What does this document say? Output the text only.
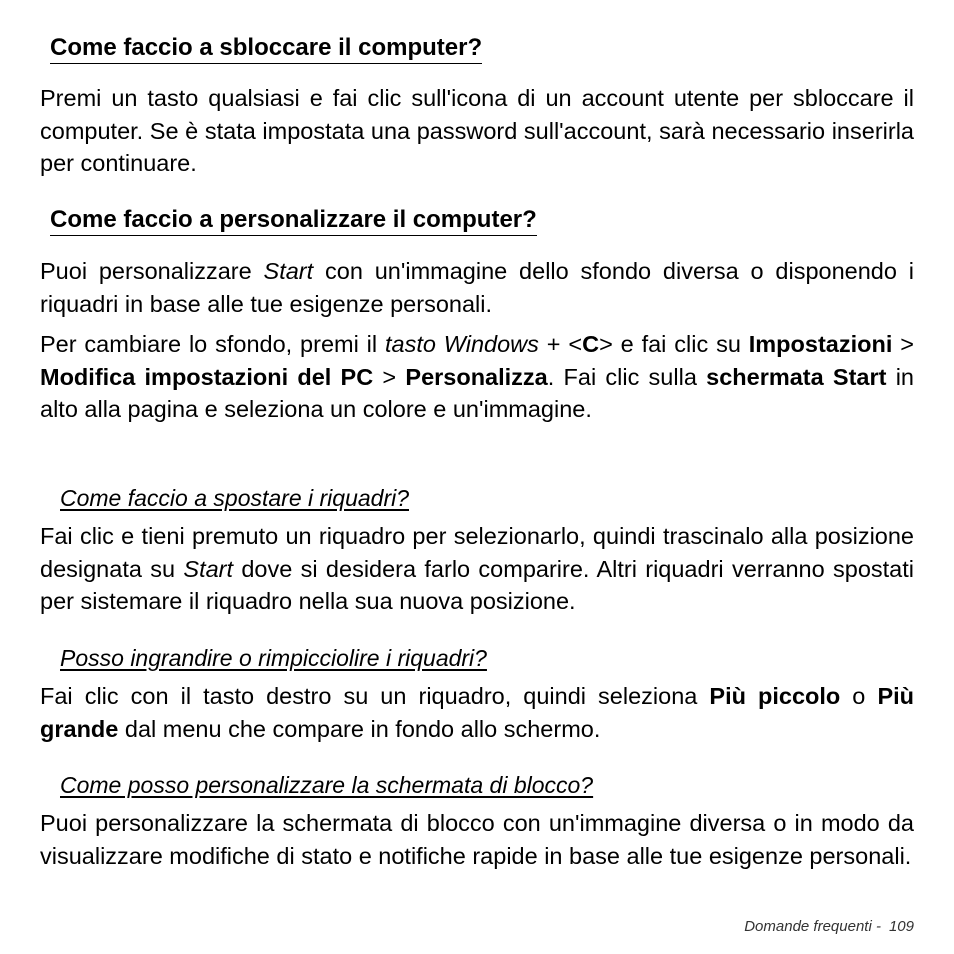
Come faccio a sbloccare il computer?
Premi un tasto qualsiasi e fai clic sull'icona di un account utente per sbloccare il computer. Se è stata impostata una password sull'account, sarà necessario inserirla per continuare.
Come faccio a personalizzare il computer?
Puoi personalizzare Start con un'immagine dello sfondo diversa o disponendo i riquadri in base alle tue esigenze personali.
Per cambiare lo sfondo, premi il tasto Windows + <C> e fai clic su Impostazioni > Modifica impostazioni del PC > Personalizza. Fai clic sulla schermata Start in alto alla pagina e seleziona un colore e un'immagine.
Come faccio a spostare i riquadri?
Fai clic e tieni premuto un riquadro per selezionarlo, quindi trascinalo alla posizione designata su Start dove si desidera farlo comparire. Altri riquadri verranno spostati per sistemare il riquadro nella sua nuova posizione.
Posso ingrandire o rimpicciolire i riquadri?
Fai clic con il tasto destro su un riquadro, quindi seleziona Più piccolo o Più grande dal menu che compare in fondo allo schermo.
Come posso personalizzare la schermata di blocco?
Puoi personalizzare la schermata di blocco con un'immagine diversa o in modo da visualizzare modifiche di stato e notifiche rapide in base alle tue esigenze personali.
Domande frequenti - 109
